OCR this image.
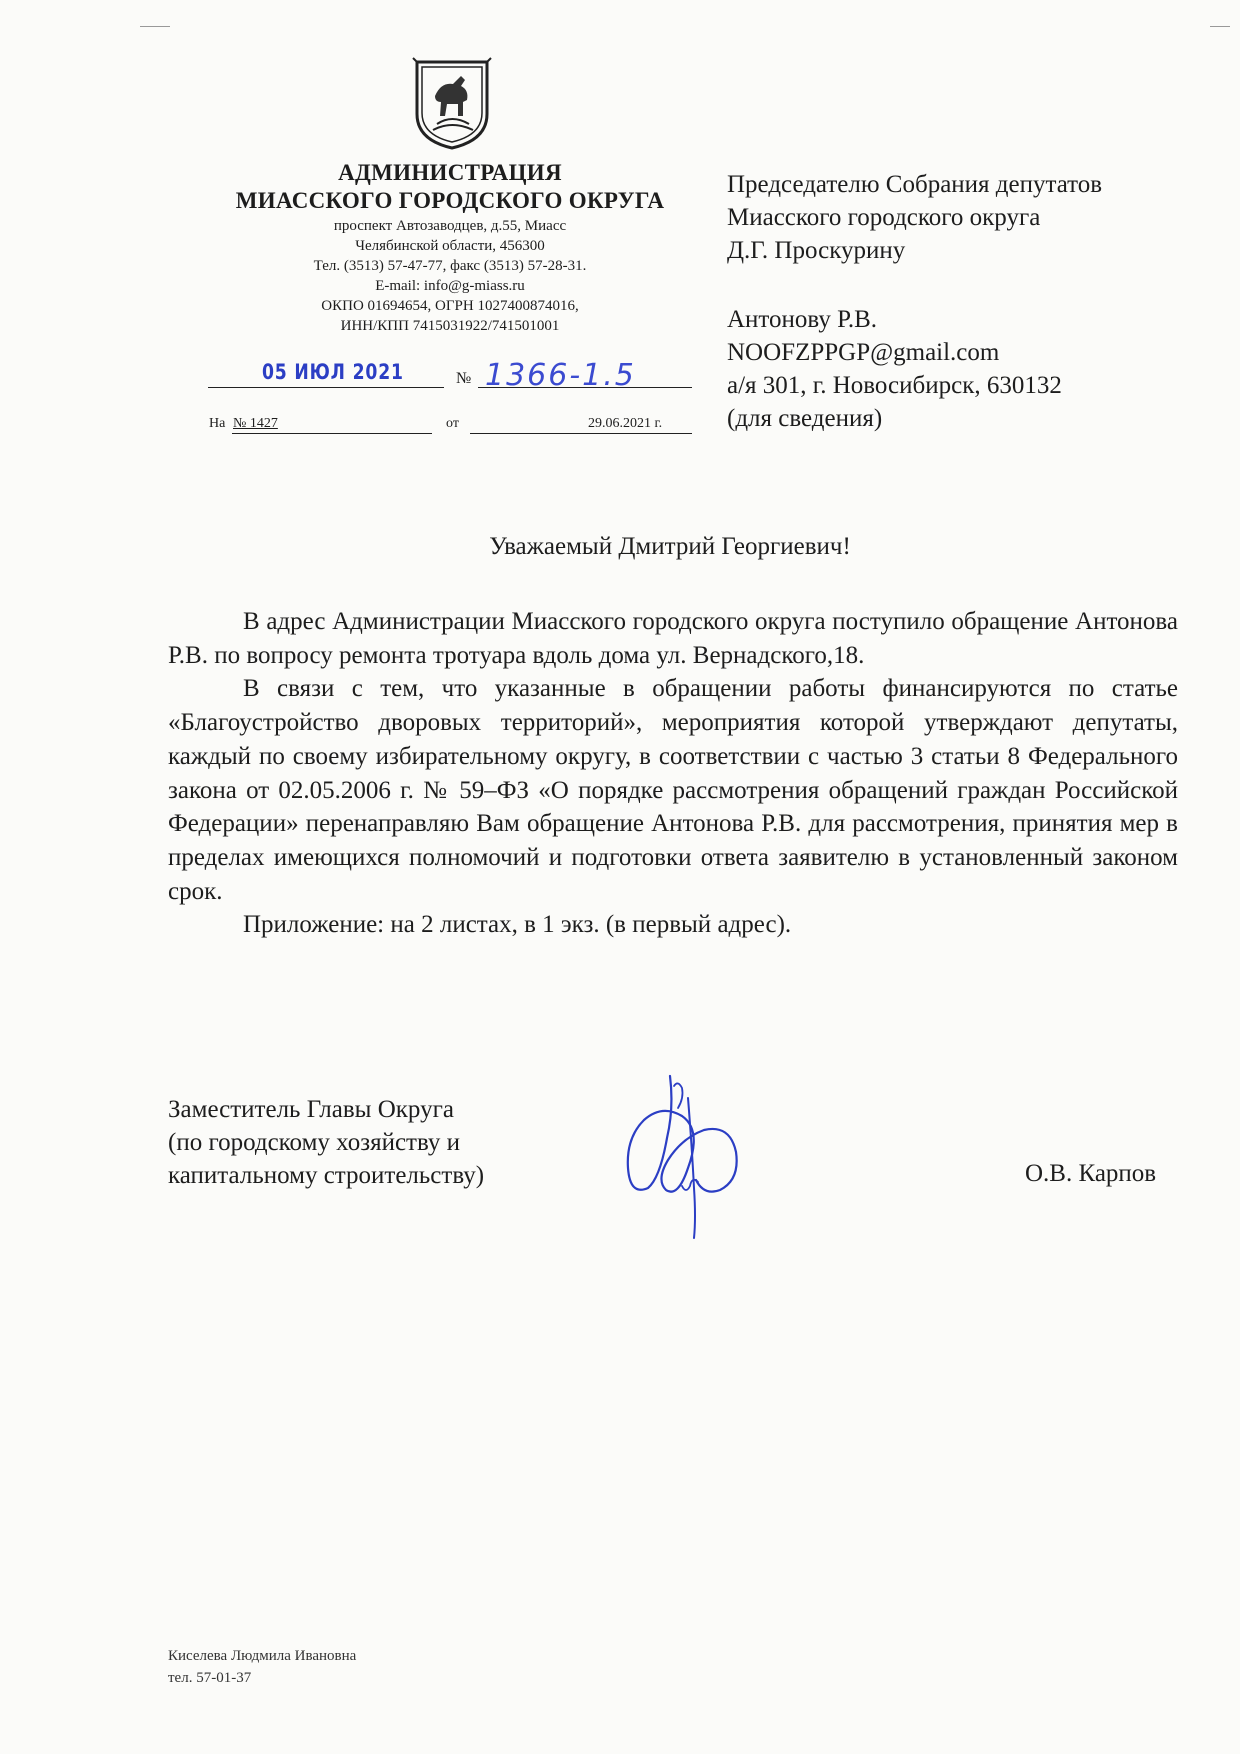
АДМИНИСТРАЦИЯ
МИАССКОГО ГОРОДСКОГО ОКРУГА
проспект Автозаводцев, д.55, Миасс
Челябинской области, 456300
Тел. (3513) 57-47-77, факс (3513) 57-28-31.
E-mail: info@g-miass.ru
ОКПО 01694654, ОГРН 1027400874016,
ИНН/КПП 7415031922/741501001
05 ИЮЛ 2021	№ 1366-1.5
На № 1427	от	29.06.2021 г.
Председателю Собрания депутатов
Миасского городского округа
Д.Г. Проскурину
Антонову Р.В.
NOOFZPPGP@gmail.com
а/я 301, г. Новосибирск, 630132
(для сведения)
Уважаемый Дмитрий Георгиевич!

В адрес Администрации Миасского городского округа поступило обращение Антонова Р.В. по вопросу ремонта тротуара вдоль дома ул. Вернадского,18.

В связи с тем, что указанные в обращении работы финансируются по статье «Благоустройство дворовых территорий», мероприятия которой утверждают депутаты, каждый по своему избирательному округу, в соответствии с частью 3 статьи 8 Федерального закона от 02.05.2006 г. № 59–ФЗ «О порядке рассмотрения обращений граждан Российской Федерации» перенаправляю Вам обращение Антонова Р.В. для рассмотрения, принятия мер в пределах имеющихся полномочий и подготовки ответа заявителю в установленный законом срок.

Приложение: на 2 листах, в 1 экз. (в первый адрес).

Заместитель Главы Округа
(по городскому хозяйству и
капитальному строительству)	О.В. Карпов
Киселева Людмила Ивановна
тел. 57-01-37
